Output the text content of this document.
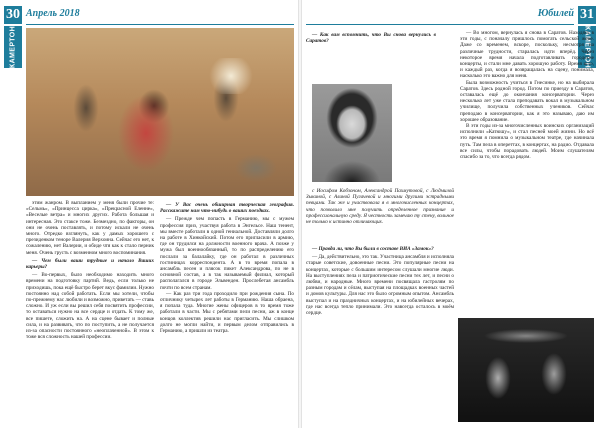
30 Апрель 2018
КАМЕРТОН

этим жанром. В выпланием у меня были прочие те: «Сельмь», «Принцесса цирка», «Прекрасной Еленне», «Веселые ветра» и многих других. Работа большая и интересная. Это стаксе тоже. Безмездно, по факторы, он они не очень поставлять, и потому искали не очень много. Отредко взглянуть, как у дамых хорошего с президенком теноре Валерия Верхоина. Сейчас его нет, к сожалению, нет Валерии, и обиде чтя как к стало перник меня. Очень грусть с возменном много воспоминания.

— Чем были ваши трудные и начало Ваших карьеры?

— Во-первых, было необходимо находить много времени на подготовку партий. Ведь, если только не приходишь, пока ещё быстро берет вкус фамилии. Нужно постоянно над собой работать. Если мы хотели, чтобы по-прежнему нас любили и возможно, приветать — ставь сложно. И уж если вы решил себя посвятить профессии, то оставаться нужно на все сердце и отдать. К тому же, все пишете, сложить на. А на сцене бывает и полные сила, и на развивать, что по поступить, а не получается из-за опасности постоянного «неоплаченной». В этом к тоже вся сложность нашей профессии.

— У Вас очень обширная творческая география. Расскажите нам что-нибудь о ваших поездках.

— Прежде чем попасть в Германию, мы с мужем профессия приз, участвуя работа в Энгельсе. Наш тенент, мы вместе работали в одной гениальной. Доставляли долго на работе в Хинкойский. Потом его пригласили в армию, где он трудился на должности военного врача. А позже у мужа был военнообязанный, то по распределению его послали за балалайку, где он работал в различных гостиницах корреспондента. А в то время попала в ансамбль песен и плясок пикет Александрова, по не в основной состав, а в так называемый филиал, который располагался в городе Эльвенден. Прослебетая ансамбль почти по всем странам.

— Как раз три года проходило при рождения сына. По отличнику четырех лет работы в Германию. Наша обраена, я попала туда. Многие жены офицеров в то время тоже работали в части. Мы с ребятами пели песни, аж в конце концов коллектив решили нас пригласить. Мы слишком долго не могли найти, и первым делом отправились в Германию, а пришли из театра.

31
Юбилей
КАМЕРТОН

— Как вам вспомнить, что Вы снова вернулись в Саратов?

с Иосифом Кобзоном, Александрой Пахмутовой, с Людмилой Зыкиной, с Алиной Пугачевой и многими другими эстрадными певцами. Так же и участвовала я в многочисленных концертах, что позволило мне получить определенное признание и профессиональную среду. Я честность замечаю ту стену, вольное не только к истинно отличающих.

— Во многом, вернулась я снова в Саратов. Находясь в эти годы, с поначалу пришлось помогать сельской жене. Даже со временем, вскоре, поскольку, несмотря на различные трудности, старалась идти вперёд. Через некоторое время начала подготавливать городские концерты, и стали мне давать хорошую работу. Время шло, и каждый раз, когда я возвращалась на сцену, понимала, насколько это важно для меня.

Была возможность учиться в Гнесинке, но на выбирала Саратов. Здесь родной город. Потом по приезду в Саратов, оставалась ещё до окончания консерватории. Через несколько лет уже стала преподавать вокал в музыкальном училище, получила собственных учеников. Сейчас преподаю в консерватории, как я это называю, даю им хорошее образование.

В эти годы из-за многочисленных воинских организаций исполнили «Катюшу», и стал песней моей жизни. Но всё это время я помнила о музыкальном театре, где начинала путь. Там пела в опереттах, в концертах, на радио. Отдавала все силы, чтобы порадовать людей. Моим слушателям спасибо за то, что всегда рядом.

— Правда ли, что Вы были в составе ВИА «Замок»?

— Да, действительно, это так. Участница ансамбля и исполняла старые советские, довоенные песни. Это популярные песни на концертах, которые с большим интересом слушали многие люди. На выступлениях пела и патриотические песни тех лет, и песни о любви, и народные. Много времени посвящала гастролям по разным городам и сёлам, выступая на площадках военных частей и домов культуры. Для нас это было огромным опытом. Ансамбль выступал и на праздничных концертах, и на юбилейных вечерах, где нас всегда тепло принимали. Это навсегда осталось в моём сердце.
